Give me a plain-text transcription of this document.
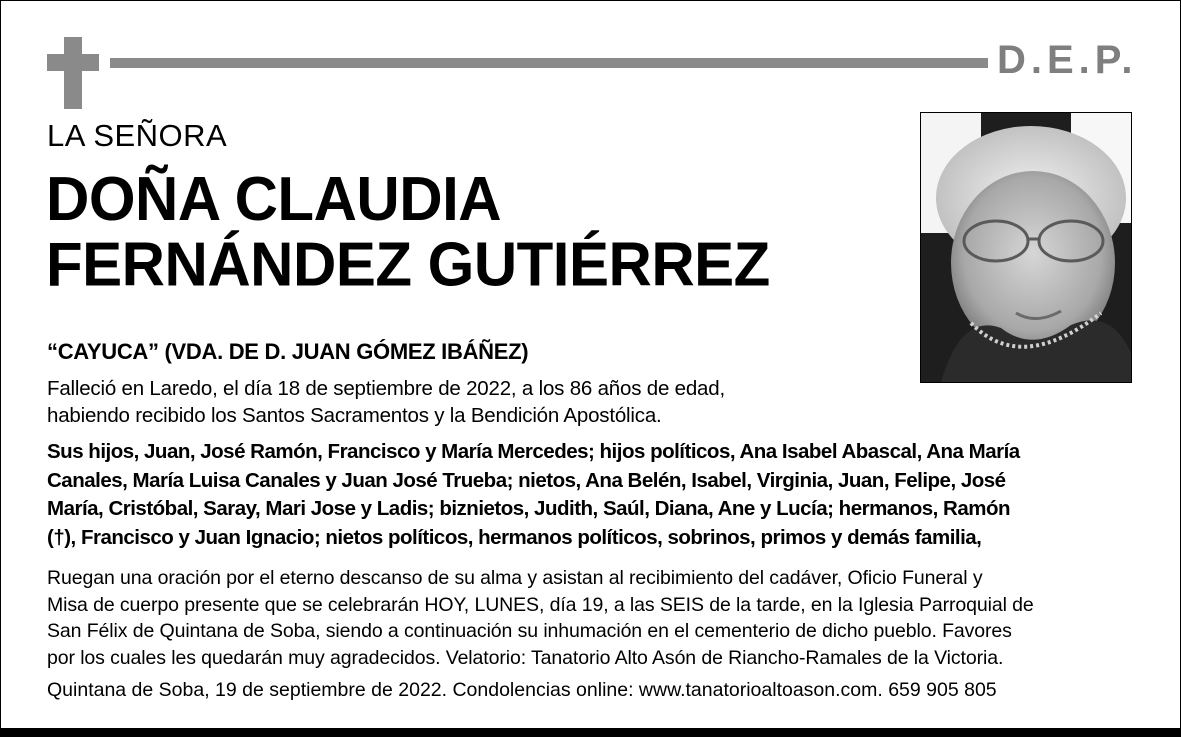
D.E.P.
LA SEÑORA
DOÑA CLAUDIA
FERNÁNDEZ GUTIÉRREZ
“CAYUCA” (VDA. DE D. JUAN GÓMEZ IBÁÑEZ)
Falleció en Laredo, el día 18 de septiembre de 2022, a los 86 años de edad,
habiendo recibido los Santos Sacramentos y la Bendición Apostólica.
Sus hijos, Juan, José Ramón, Francisco y María Mercedes; hijos políticos, Ana Isabel Abascal, Ana María
Canales, María Luisa Canales y Juan José Trueba; nietos, Ana Belén, Isabel, Virginia, Juan, Felipe, José
María, Cristóbal, Saray, Mari Jose y Ladis; biznietos, Judith, Saúl, Diana, Ane y Lucía; hermanos, Ramón
(†), Francisco y Juan Ignacio; nietos políticos, hermanos políticos, sobrinos, primos y demás familia,
Ruegan una oración por el eterno descanso de su alma y asistan al recibimiento del cadáver, Oficio Funeral y
Misa de cuerpo presente que se celebrarán HOY, LUNES, día 19, a las SEIS de la tarde, en la Iglesia Parroquial de
San Félix de Quintana de Soba, siendo a continuación su inhumación en el cementerio de dicho pueblo. Favores
por los cuales les quedarán muy agradecidos. Velatorio: Tanatorio Alto Asón de Riancho-Ramales de la Victoria.
Quintana de Soba, 19 de septiembre de 2022. Condolencias online: www.tanatorioaltoason.com. 659 905 805
